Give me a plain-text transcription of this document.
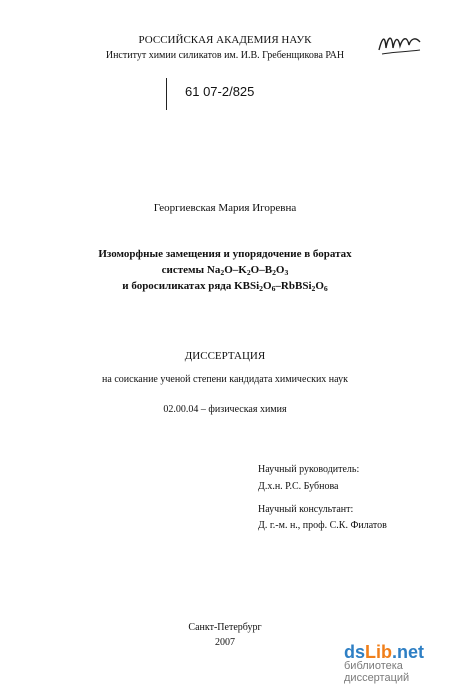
РОССИЙСКАЯ АКАДЕМИЯ НАУК
Институт химии силикатов им. И.В. Гребенщикова РАН
61 07-2/825
Георгиевская Мария Игоревна
Изоморфные замещения и упорядочение в боратах
системы $Na_2O-K_2O-B_2O_3$
и боросиликатах ряда $KBSi_2O_6-RbBSi_2O_6$
ДИССЕРТАЦИЯ
на соискание ученой степени кандидата химических наук
02.00.04 – физическая химия
Научный руководитель:
Д.х.н. Р.С. Бубнова
Научный консультант:
Д. г.-м. н., проф. С.К. Филатов
Санкт-Петербург
2007	dsLib.net
библиотека диссертаций
